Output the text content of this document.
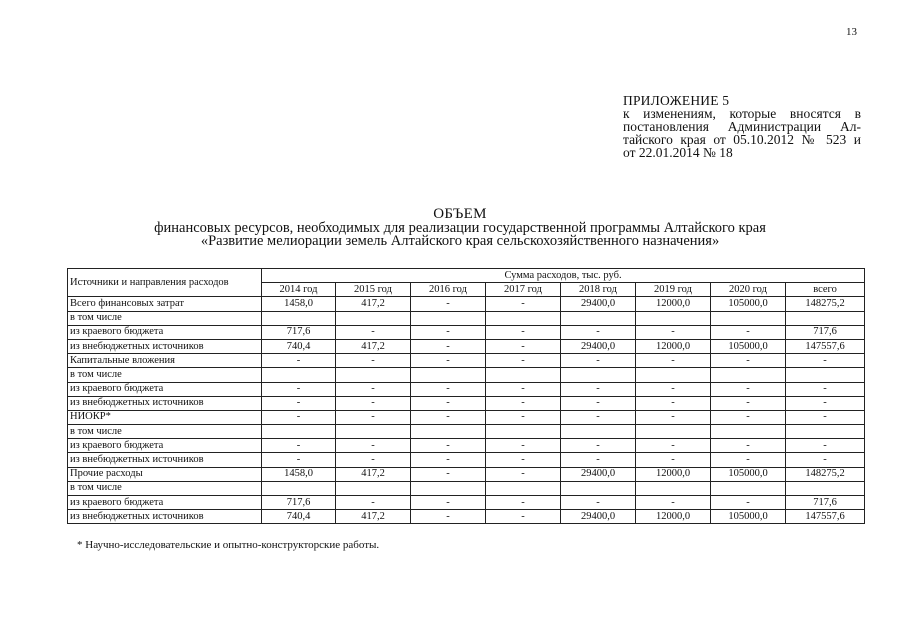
13
ПРИЛОЖЕНИЕ 5
к изменениям, которые вносятся в
постановления Администрации Ал-
тайского края от 05.10.2012 № 523 и
от 22.01.2014 № 18
ОБЪЕМ
финансовых ресурсов, необходимых для реализации государственной программы Алтайского края
«Развитие мелиорации земель Алтайского края сельскохозяйственного назначения»
Источники и направления расходов	Сумма расходов, тыс. руб.							
	2014 год	2015 год	2016 год	2017 год	2018 год	2019 год	2020 год	всего
Всего финансовых затрат	1458,0	417,2	-	-	29400,0	12000,0	105000,0	148275,2
в том числе								
из краевого бюджета	717,6	-	-	-	-	-	-	717,6
из внебюджетных источников	740,4	417,2	-	-	29400,0	12000,0	105000,0	147557,6
Капитальные вложения	-	-	-	-	-	-	-	-
в том числе								
из краевого бюджета	-	-	-	-	-	-	-	-
из внебюджетных источников	-	-	-	-	-	-	-	-
НИОКР*	-	-	-	-	-	-	-	-
в том числе								
из краевого бюджета	-	-	-	-	-	-	-	-
из внебюджетных источников	-	-	-	-	-	-	-	-
Прочие расходы	1458,0	417,2	-	-	29400,0	12000,0	105000,0	148275,2
в том числе								
из краевого бюджета	717,6	-	-	-	-	-	-	717,6
из внебюджетных источников	740,4	417,2	-	-	29400,0	12000,0	105000,0	147557,6
* Научно-исследовательские и опытно-конструкторские работы.
